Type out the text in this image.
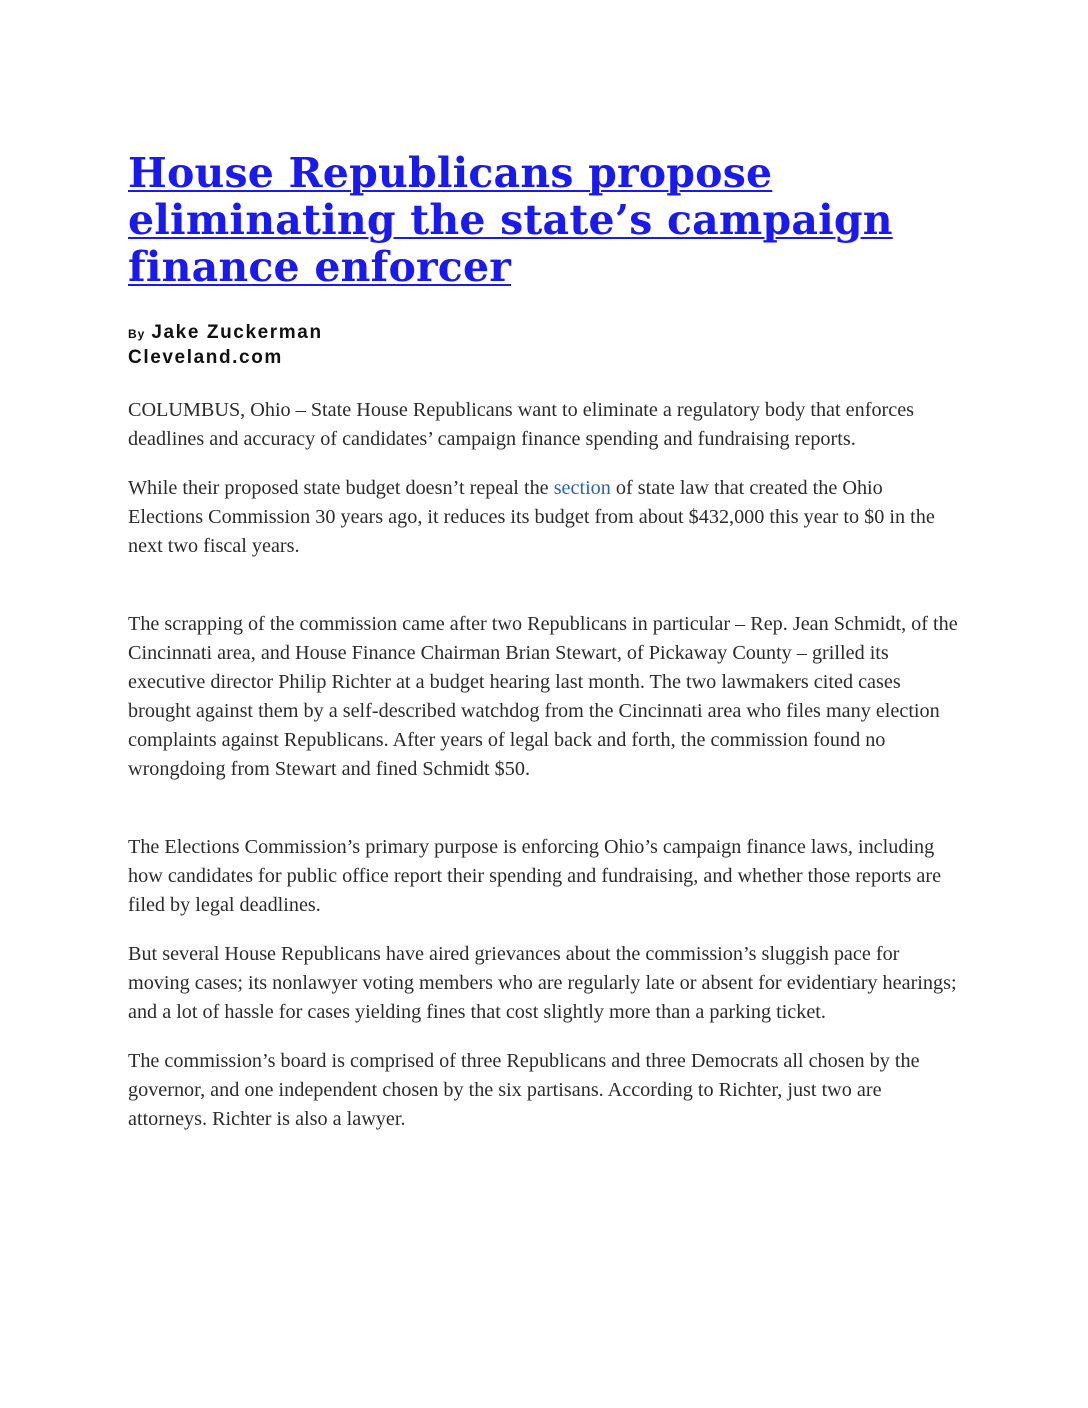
House Republicans propose
eliminating the state’s campaign
finance enforcer
By Jake Zuckerman
Cleveland.com

COLUMBUS, Ohio – State House Republicans want to eliminate a regulatory body that enforces deadlines and accuracy of candidates’ campaign finance spending and fundraising reports.

While their proposed state budget doesn’t repeal the section of state law that created the Ohio Elections Commission 30 years ago, it reduces its budget from about $432,000 this year to $0 in the next two fiscal years.

The scrapping of the commission came after two Republicans in particular – Rep. Jean Schmidt, of the Cincinnati area, and House Finance Chairman Brian Stewart, of Pickaway County – grilled its executive director Philip Richter at a budget hearing last month. The two lawmakers cited cases brought against them by a self-described watchdog from the Cincinnati area who files many election complaints against Republicans. After years of legal back and forth, the commission found no wrongdoing from Stewart and fined Schmidt $50.

The Elections Commission’s primary purpose is enforcing Ohio’s campaign finance laws, including how candidates for public office report their spending and fundraising, and whether those reports are filed by legal deadlines.

But several House Republicans have aired grievances about the commission’s sluggish pace for moving cases; its nonlawyer voting members who are regularly late or absent for evidentiary hearings; and a lot of hassle for cases yielding fines that cost slightly more than a parking ticket.

The commission’s board is comprised of three Republicans and three Democrats all chosen by the governor, and one independent chosen by the six partisans. According to Richter, just two are attorneys. Richter is also a lawyer.
